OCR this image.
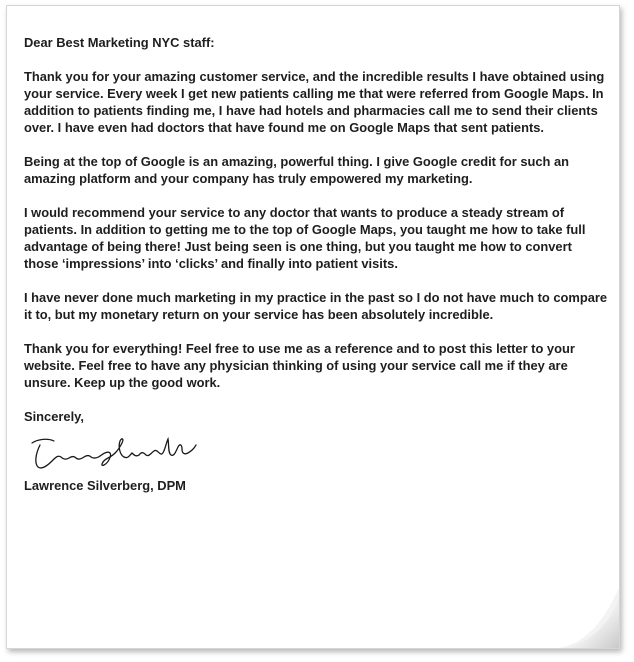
Dear Best Marketing NYC staff:

Thank you for your amazing customer service, and the incredible results I have obtained using your service. Every week I get new patients calling me that were referred from Google Maps. In addition to patients finding me, I have had hotels and pharmacies call me to send their clients over. I have even had doctors that have found me on Google Maps that sent patients.

Being at the top of Google is an amazing, powerful thing. I give Google credit for such an amazing platform and your company has truly empowered my marketing.

I would recommend your service to any doctor that wants to produce a steady stream of patients. In addition to getting me to the top of Google Maps, you taught me how to take full advantage of being there! Just being seen is one thing, but you taught me how to convert those ‘impressions’ into ‘clicks’ and finally into patient visits.

I have never done much marketing in my practice in the past so I do not have much to compare it to, but my monetary return on your service has been absolutely incredible.

Thank you for everything! Feel free to use me as a reference and to post this letter to your website. Feel free to have any physician thinking of using your service call me if they are unsure. Keep up the good work.

Sincerely,

Lawrence Silverberg, DPM
